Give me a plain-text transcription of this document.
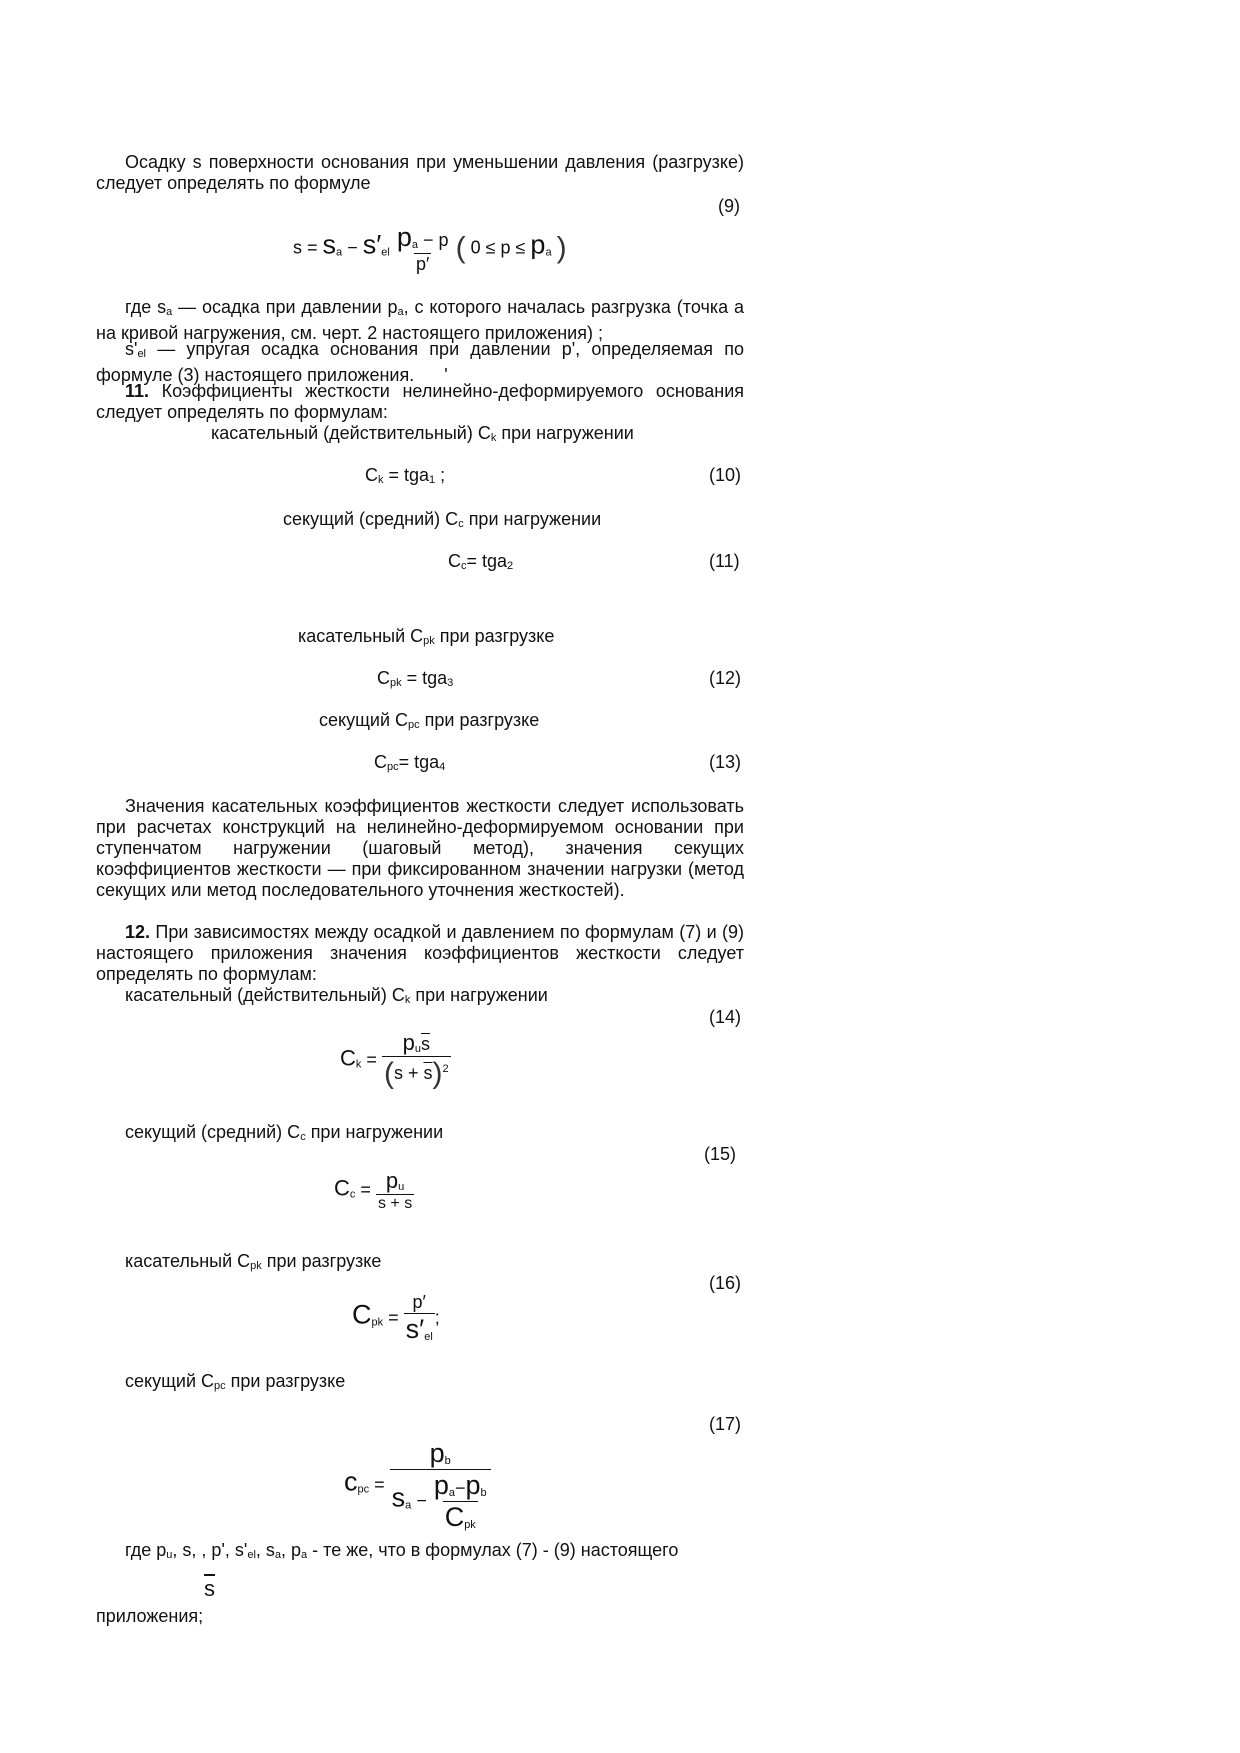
Осадку s поверхности основания при уменьшении давления (разгрузке) следует определять по формуле
(9)
$s = s_a - s'_{el} \frac{p_a - p}{p'}$ ( $0 \le p \le p_a$ )
где $s_a$ — осадка при давлении $p_a$, с которого началась разгрузка (точка а на кривой нагружения, см. черт. 2 настоящего приложения) ;
$s'_{el}$ — упругая осадка основания при давлении p', определяемая по формуле (3) настоящего приложения. '
11. Коэффициенты жесткости нелинейно-деформируемого основания следует определять по формулам:
касательный (действительный) $С_k$ при нагружении
$С_k = tga_1$ ;	(10)
секущий (средний) $С_c$ при нагружении
$С_c= tga_2$	(11)
касательный $С_{pk}$ при разгрузке
$С_{pk} = tga_3$	(12)
секущий $С_{pc}$ при разгрузке
$С_{pc}= tga_4$	(13)
Значения касательных коэффициентов жесткости следует использовать при расчетах конструкций на нелинейно-деформируемом основании при ступенчатом нагружении (шаговый метод), значения секущих коэффициентов жесткости — при фиксированном значении нагрузки (метод секущих или метод последовательного уточнения жесткостей).
12. При зависимостях между осадкой и давлением по формулам (7) и (9) настоящего приложения значения коэффициентов жесткости следует определять по формулам:
касательный (действительный) $С_k$ при нагружении
(14)
$C_k = \frac{p_u\overline{s}}{(s + \overline{s})^2}$
секущий (средний) $С_c$ при нагружении
(15)
$C_c = \frac{p_u}{s + \overline{s}}$
касательный $С_{pk}$ при разгрузке
(16)
$C_{pk} = \frac{p'}{s'_{el}}$ ;
секущий $С_{pc}$ при разгрузке
(17)
$c_{pc} = \frac{p_b}{s_a - \frac{p_a-p_b}{C_{pk}}}$
где $p_u$, s, , p', $s'_{el}$, $s_a$, $p_a$ - те же, что в формулах (7) - (9) настоящего
$\overline{s}$
приложения;
